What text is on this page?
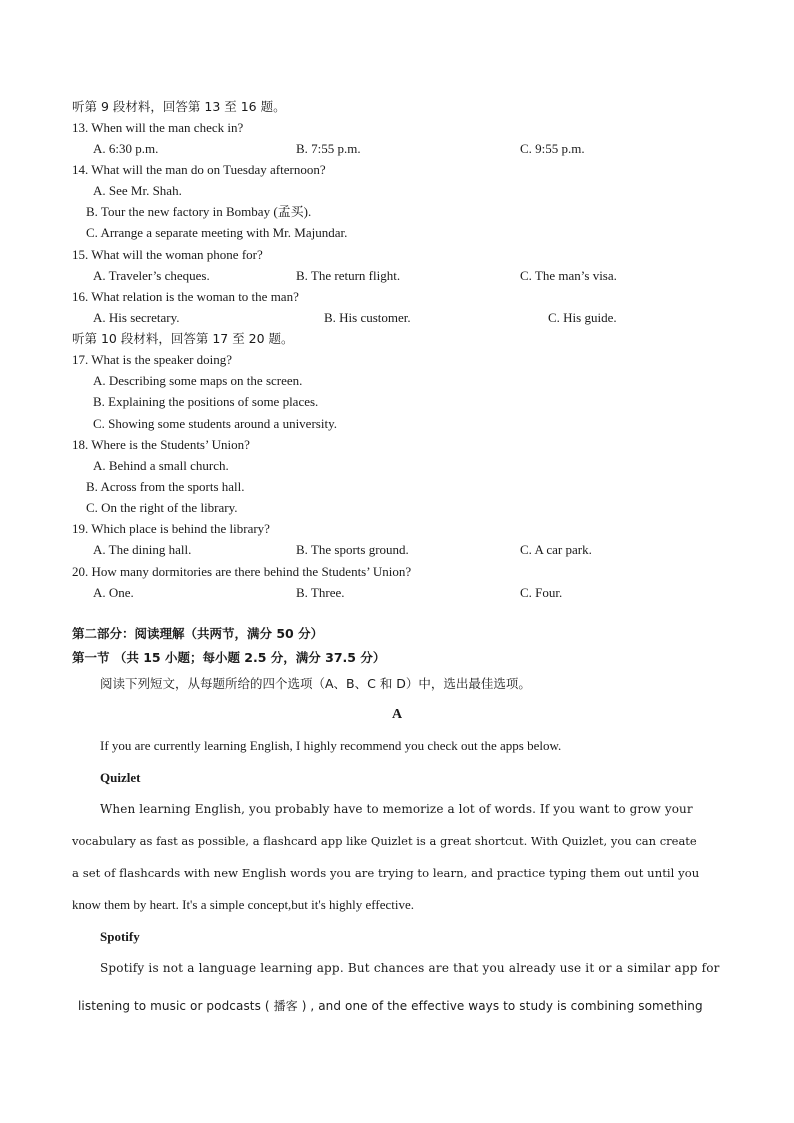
听第 9 段材料，回答第 13 至 16 题。
13. When will the man check in?
A. 6:30 p.m.	B. 7:55 p.m.	C. 9:55 p.m.
14. What will the man do on Tuesday afternoon?
A. See Mr. Shah.
B. Tour the new factory in Bombay (孟买).
C. Arrange a separate meeting with Mr. Majundar.
15. What will the woman phone for?
A. Traveler’s cheques.	B. The return flight.	C. The man’s visa.
16. What relation is the woman to the man?
A. His secretary.	B. His customer.	C. His guide.
听第 10 段材料，回答第 17 至 20 题。
17. What is the speaker doing?
A. Describing some maps on the screen.
B. Explaining the positions of some places.
C. Showing some students around a university.
18. Where is the Students’ Union?
A. Behind a small church.
B. Across from the sports hall.
C. On the right of the library.
19. Which place is behind the library?
A. The dining hall.	B. The sports ground.	C. A car park.
20. How many dormitories are there behind the Students’ Union?
A. One.	B. Three.	C. Four.
第二部分：阅读理解（共两节，满分 50 分）
第一节 （共 15 小题；每小题 2.5 分，满分 37.5 分）
阅读下列短文，从每题所给的四个选项（A、B、C 和 D）中，选出最佳选项。
A
If you are currently learning English, I highly recommend you check out the apps below.
Quizlet
When learning English, you probably have to memorize a lot of words. If you want to grow your
vocabulary as fast as possible, a flashcard app like Quizlet is a great shortcut. With Quizlet, you can create
a set of flashcards with new English words you are trying to learn, and practice typing them out until you
know them by heart. It's a simple concept,but it's highly effective.
Spotify
Spotify is not a language learning app. But chances are that you already use it or a similar app for
listening to music or podcasts ( 播客 ) , and one of the effective ways to study is combining something
